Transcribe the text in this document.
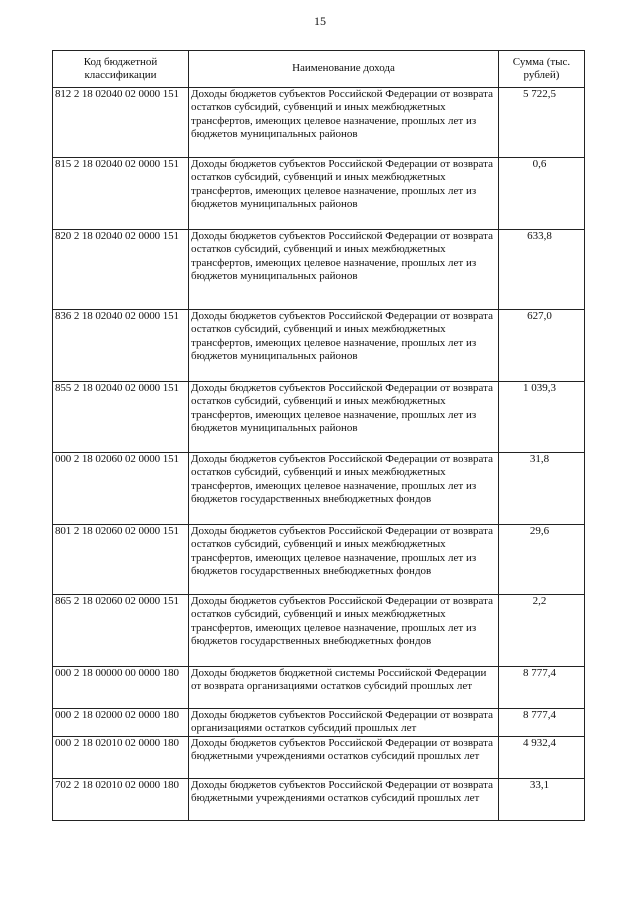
15
Код бюджетной классификации	Наименование дохода	Сумма (тыс. рублей)
812 2 18 02040 02 0000 151	Доходы бюджетов субъектов Российской Федерации от возврата остатков субсидий, субвенций и иных межбюджетных трансфертов, имеющих целевое назначение, прошлых лет из бюджетов муниципальных районов	5 722,5
815 2 18 02040 02 0000 151	Доходы бюджетов субъектов Российской Федерации от возврата остатков субсидий, субвенций и иных межбюджетных трансфертов, имеющих целевое назначение, прошлых лет из бюджетов муниципальных районов	0,6
820 2 18 02040 02 0000 151	Доходы бюджетов субъектов Российской Федерации от возврата остатков субсидий, субвенций и иных межбюджетных трансфертов, имеющих целевое назначение, прошлых лет из бюджетов муниципальных районов	633,8
836 2 18 02040 02 0000 151	Доходы бюджетов субъектов Российской Федерации от возврата остатков субсидий, субвенций и иных межбюджетных трансфертов, имеющих целевое назначение, прошлых лет из бюджетов муниципальных районов	627,0
855 2 18 02040 02 0000 151	Доходы бюджетов субъектов Российской Федерации от возврата остатков субсидий, субвенций и иных межбюджетных трансфертов, имеющих целевое назначение, прошлых лет из бюджетов муниципальных районов	1 039,3
000 2 18 02060 02 0000 151	Доходы бюджетов субъектов Российской Федерации от возврата остатков субсидий, субвенций и иных межбюджетных трансфертов, имеющих целевое назначение, прошлых лет из бюджетов государственных внебюджетных фондов	31,8
801 2 18 02060 02 0000 151	Доходы бюджетов субъектов Российской Федерации от возврата остатков субсидий, субвенций и иных межбюджетных трансфертов, имеющих целевое назначение, прошлых лет из бюджетов государственных внебюджетных фондов	29,6
865 2 18 02060 02 0000 151	Доходы бюджетов субъектов Российской Федерации от возврата остатков субсидий, субвенций и иных межбюджетных трансфертов, имеющих целевое назначение, прошлых лет из бюджетов государственных внебюджетных фондов	2,2
000 2 18 00000 00 0000 180	Доходы бюджетов бюджетной системы Российской Федерации от возврата организациями остатков субсидий прошлых лет	8 777,4
000 2 18 02000 02 0000 180	Доходы бюджетов субъектов Российской Федерации от возврата организациями остатков субсидий прошлых лет	8 777,4
000 2 18 02010 02 0000 180	Доходы бюджетов субъектов Российской Федерации от возврата бюджетными учреждениями остатков субсидий прошлых лет	4 932,4
702 2 18 02010 02 0000 180	Доходы бюджетов субъектов Российской Федерации от возврата бюджетными учреждениями остатков субсидий прошлых лет	33,1
